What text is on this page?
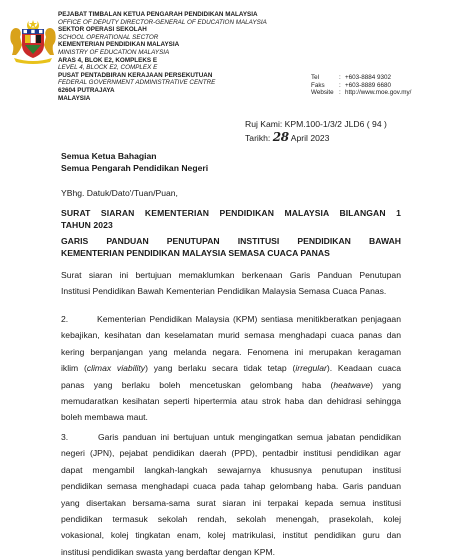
PEJABAT TIMBALAN KETUA PENGARAH PENDIDIKAN MALAYSIA
OFFICE OF DEPUTY DIRECTOR-GENERAL OF EDUCATION MALAYSIA
SEKTOR OPERASI SEKOLAH
SCHOOL OPERATIONAL SECTOR
KEMENTERIAN PENDIDIKAN MALAYSIA
MINISTRY OF EDUCATION MALAYSIA
ARAS 4, BLOK E2, KOMPLEKS E
LEVEL 4, BLOCK E2, COMPLEX E
PUSAT PENTADBIRAN KERAJAAN PERSEKUTUAN
FEDERAL GOVERNMENT ADMINISTRATIVE CENTRE
62604 PUTRAJAYA
MALAYSIA
Tel	: +603-8884 9302
Faks	: +603-8889 6680
Website : http://www.moe.gov.my/
Ruj Kami: KPM.100-1/3/2 JLD6 ( 94 )
Tarikh: 28 April 2023
Semua Ketua Bahagian
Semua Pengarah Pendidikan Negeri
YBhg. Datuk/Dato'/Tuan/Puan,
SURAT SIARAN KEMENTERIAN PENDIDIKAN MALAYSIA BILANGAN 1
TAHUN 2023
GARIS PANDUAN PENUTUPAN INSTITUSI PENDIDIKAN BAWAH
KEMENTERIAN PENDIDIKAN MALAYSIA SEMASA CUACA PANAS
Surat siaran ini bertujuan memaklumkan berkenaan Garis Panduan Penutupan
Institusi Pendidikan Bawah Kementerian Pendidikan Malaysia Semasa Cuaca Panas.
2.	Kementerian Pendidikan Malaysia (KPM) sentiasa menitikberatkan penjagaan
kebajikan, kesihatan dan keselamatan murid semasa menghadapi cuaca panas dan
kering berpanjangan yang melanda negara. Fenomena ini merupakan keragaman
iklim (climax viability) yang berlaku secara tidak tetap (irregular). Keadaan cuaca
panas yang berlaku boleh mencetuskan gelombang haba (heatwave) yang
memudaratkan kesihatan seperti hipertermia atau strok haba dan dehidrasi sehingga
boleh membawa maut.
3.	Garis panduan ini bertujuan untuk mengingatkan semua jabatan pendidikan
negeri (JPN), pejabat pendidikan daerah (PPD), pentadbir institusi pendidikan agar
dapat mengambil langkah-langkah sewajarnya khususnya penutupan institusi
pendidikan semasa menghadapi cuaca pada tahap gelombang haba. Garis panduan
yang disertakan bersama-sama surat siaran ini terpakai kepada semua institusi
pendidikan termasuk sekolah rendah, sekolah menengah, prasekolah, kolej
vokasional, kolej tingkatan enam, kolej matrikulasi, institut pendidikan guru dan
institusi pendidikan swasta yang berdaftar dengan KPM.
